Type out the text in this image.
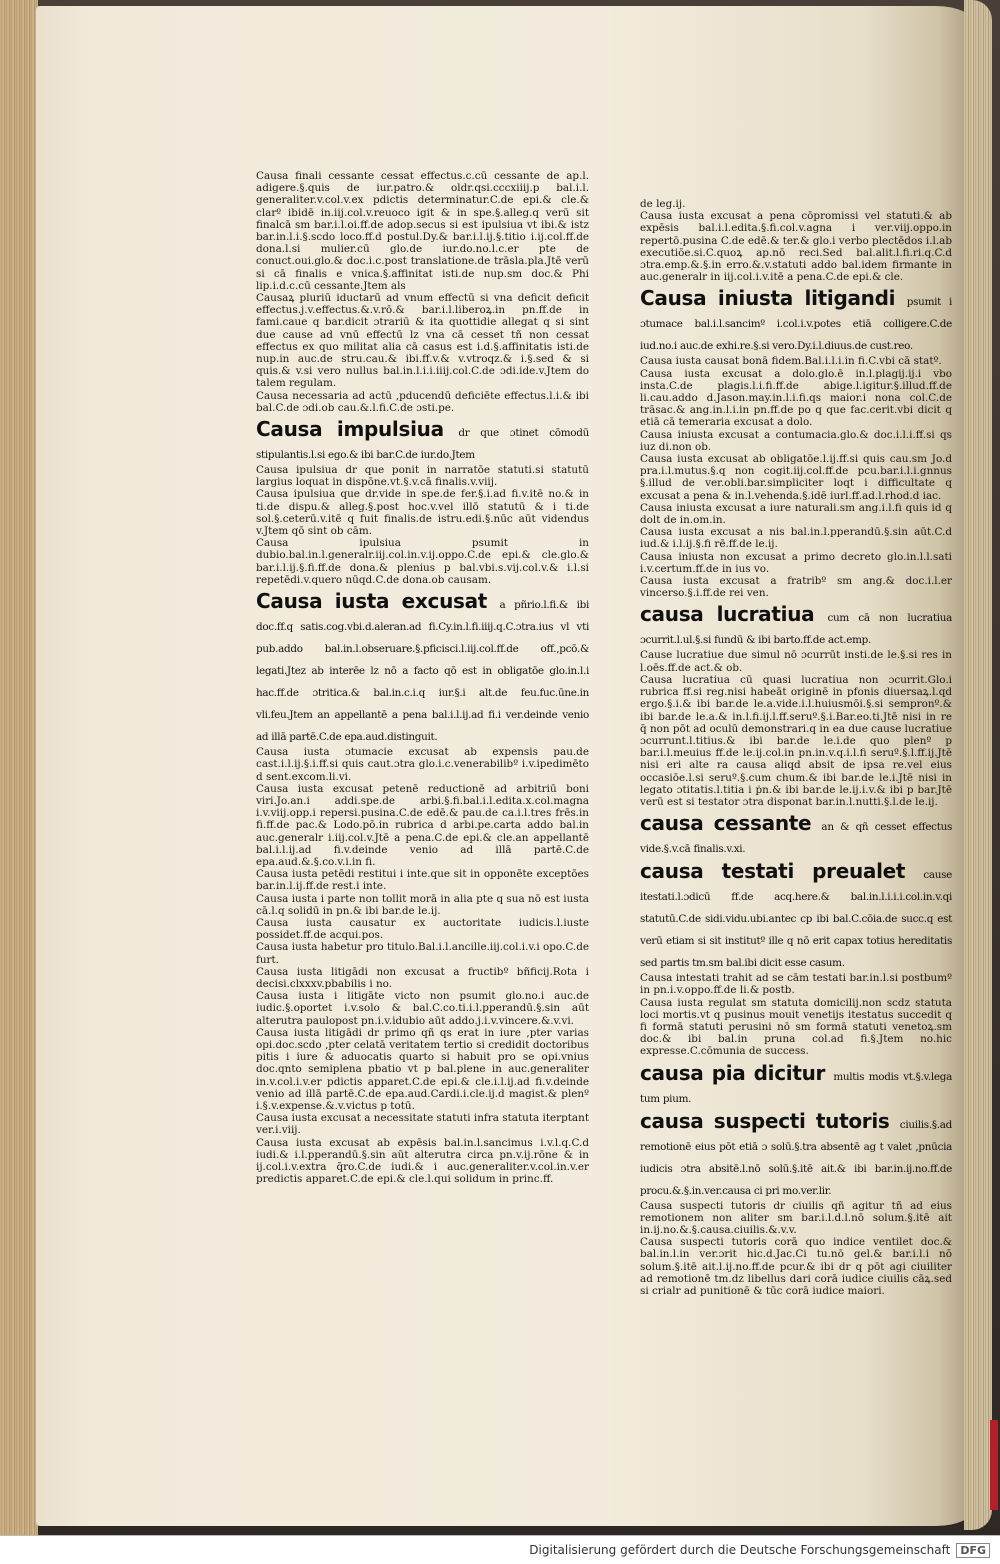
Causa finali cessante cessat effectus.c.cū cessante de ap.l. adigere.§.quis de iur.patro.& oldr.qsi.cccxiiij.p bal.i.l. generaliter.v.col.v.ex pdictis determinatur.C.de epi.& cle.& clarº ibidē in.iij.col.v.reuoco igit & in spe.§.alleg.q verū sit finalcā sm bar.i.l.oi.ff.de adop.secus si est ipulsiua vt ibi.& istz bar.in.l.i.§.scdo loco.ff.d postul.Dy.& bar.i.l.ij.§.titio i.ij.col.ff.de dona.l.si mulier.cū glo.de iur.do.no.l.c.er pte de conuct.oui.glo.& doc.i.c.post translatione.de trāsla.pla.Jtē verū si cā finalis e vnica.§.affinitat isti.de nup.sm doc.& Phi lip.i.d.c.cū cessante.Jtem als
Causaꝝ pluriū iductarū ad vnum effectū si vna deficit deficit effectus.j.v.effectus.&.v.rō.& bar.i.l.liberoꝝ.in pn.ff.de in fami.caue q bar.dicit ɔtrariū & ita quottidie allegat q si sint due cause ad vnū effectū lz vna cā cesset tñ non cessat effectus ex quo militat alia cā casus est i.d.§.affinitatis isti.de nup.in auc.de stru.cau.& ibi.ff.v.& v.vtroqz.& i.§.sed & si quis.& v.si vero nullus bal.in.l.i.i.iiij.col.C.de ɔdi.ide.v.Jtem do talem regulam.
Causa necessaria ad actū ,pducendū deficiēte effectus.l.i.& ibi bal.C.de ɔdi.ob cau.&.l.fi.C.de ɔsti.pe.
Causa impulsiua dr que ɔtinet cōmodū stipulantis.l.si ego.& ibi bar.C.de iur.do.Jtem
Causa ipulsiua dr que ponit in narratōe statuti.si statutū largius loquat in dispōne.vt.§.v.cā finalis.v.viij.
Causa ipulsiua que dr.vide in spe.de fer.§.i.ad fi.v.itē no.& in ti.de dispu.& alleg.§.post hoc.v.vel illō statutū & i ti.de sol.§.ceterū.v.itē q fuit finalis.de istru.edi.§.nūc aūt videndus v.Jtem qō sint ob cām.
Causa ipulsiua psumit in dubio.bal.in.l.generalr.iij.col.in.v.ij.oppo.C.de epi.& cle.glo.& bar.i.l.ij.§.fi.ff.de dona.& plenius p bal.vbi.s.vij.col.v.& i.l.si repetēdi.v.quero nūqd.C.de dona.ob causam.
Causa iusta excusat a pñrio.l.fi.& ibi doc.ff.q satis.cog.vbi.d.aleran.ad fi.Cy.in.l.fi.iiij.q.C.ɔtra.ius vl vti pub.addo bal.in.l.obseruare.§.pficisci.l.iij.col.ff.de off.,pcō.& legati.Jtez ab interēe lz nō a facto qō est in obligatōe glo.in.l.i hac.ff.de ɔtritica.& bal.in.c.i.q iur.§.i alt.de feu.fuc.ūne.in vli.feu.Jtem an appellantē a pena bal.i.l.ij.ad fi.i ver.deinde venio ad illā partē.C.de epa.aud.distinguit.
Causa iusta ɔtumacie excusat ab expensis pau.de cast.i.l.ij.§.i.ff.si quis caut.ɔtra glo.i.c.venerabilibº i.v.ipedimēto d sent.excom.li.vi.
Causa iusta excusat petenē reductionē ad arbitriū boni viri.Jo.an.i addi.spe.de arbi.§.fi.bal.i.l.edita.x.col.magna i.v.viij.opp.i repersi.pusina.C.de edē.& pau.de ca.i.l.tres frēs.in fi.ff.de pac.& Lodo.pō.in rubrica d arbi.pe.carta addo bal.in auc.generalr i.iij.col.v.Jtē a pena.C.de epi.& cle.an appellantē bal.i.l.ij.ad fi.v.deinde venio ad illā partē.C.de epa.aud.&.§.co.v.i.in fi.
Causa iusta petēdi restitui i inte.que sit in opponēte exceptōes bar.in.l.ij.ff.de rest.i inte.
Causa iusta i parte non tollit morā in alia pte q sua nō est iusta cā.l.q solidū in pn.& ibi bar.de le.ij.
Causa iusta causatur ex auctoritate iudicis.l.iuste possidet.ff.de acqui.pos.
Causa iusta habetur pro titulo.Bal.i.l.ancille.iij.col.i.v.i opo.C.de furt.
Causa iusta litigādi non excusat a fructibº bñficij.Rota i decisi.clxxxv.pbabilis i no.
Causa iusta i litigāte victo non psumit glo.no.i auc.de iudic.§.oportet i.v.solo & bal.C.co.ti.i.l.pperandū.§.sin aūt alterutra paulopost pn.i.v.idubio aūt addo.j.i.v.vincere.&.v.vi.
Causa iusta litigādi dr primo qñ qs erat in iure ,pter varias opi.doc.scdo ,pter celatā veritatem tertio si credidit doctoribus pitis i iure & aduocatis quarto si habuit pro se opi.vnius doc.qnto semiplena pbatio vt p bal.plene in auc.generaliter in.v.col.i.v.er pdictis apparet.C.de epi.& cle.i.l.ij.ad fi.v.deinde venio ad illā partē.C.de epa.aud.Cardi.i.cle.ij.d magist.& plenº i.§.v.expense.&.v.victus p totū.
Causa iusta excusat a necessitate statuti infra statuta iterptant ver.i.viij.
Causa iusta excusat ab expēsis bal.in.l.sancimus i.v.l.q.C.d iudi.& i.l.pperandū.§.sin aūt alterutra circa pn.v.ij.rōne & in ij.col.i.v.extra q̄ro.C.de iudi.& i auc.generaliter.v.col.in.v.er predictis apparet.C.de epi.& cle.l.qui solidum in princ.ff.
de leg.ij.
Causa iusta excusat a pena cōpromissi vel statuti.& ab expēsis bal.i.l.edita.§.fi.col.v.agna i ver.viij.oppo.in repertō.pusina C.de edē.& ter.& glo.i verbo plectēdos i.l.ab executiōe.si.C.quoꝝ ap.nō reci.Sed bal.alit.l.fi.ri.q.C.d ɔtra.emp.&.§.in erro.&.v.statuti addo bal.idem firmante in auc.generalr in iij.col.i.v.itē a pena.C.de epi.& cle.
Causa iniusta litigandi psumit i ɔtumace bal.i.l.sancimº i.col.i.v.potes etiā colligere.C.de iud.no.i auc.de exhi.re.§.si vero.Dy.i.l.diuus.de cust.reo.
Causa iusta causat bonā fidem.Bal.i.l.i.in fi.C.vbi cā statº.
Causa iusta excusat a dolo.glo.ē in.l.plagij.ij.i vbo insta.C.de plagis.l.i.fi.ff.de abige.l.igitur.§.illud.ff.de li.cau.addo d.Jason.may.in.l.i.fi.qs maior.i nona col.C.de trāsac.& ang.in.l.i.in pn.ff.de po q que fac.cerit.vbi dicit q etiā cā temeraria excusat a dolo.
Causa iniusta excusat a contumacia.glo.& doc.i.l.i.ff.si qs iuz di.non ob.
Causa iusta excusat ab obligatōe.l.ij.ff.si quis cau.sm Jo.d pra.i.l.mutus.§.q non cogit.iij.col.ff.de pcu.bar.i.l.i.gnnus §.illud de ver.obli.bar.simpliciter loqt i difficultate q excusat a pena & in.l.vehenda.§.idē iurl.ff.ad.l.rhod.d iac.
Causa iniusta excusat a iure naturali.sm ang.i.l.fi quis id q dolt de in.om.in.
Causa iusta excusat a nis bal.in.l.pperandū.§.sin aūt.C.d iud.& i.l.ij.§.fi rē.ff.de le.ij.
Causa iniusta non excusat a primo decreto glo.in.l.l.sati i.v.certum.ff.de in ius vo.
Causa iusta excusat a fratribº sm ang.& doc.i.l.er vincerso.§.i.ff.de rei ven.
causa lucratiua cum cā non lucratiua ɔcurrit.l.ul.§.si fundū & ibi barto.ff.de act.emp.
Cause lucratiue due simul nō ɔcurrūt insti.de le.§.si res in l.oēs.ff.de act.& ob.
Causa lucratiua cū quasi lucratiua non ɔcurrit.Glo.i rubrica ff.si reg.nisi habeāt originē in pfonis diuersaꝝ.l.qd ergo.§.i.& ibi bar.de le.a.vide.i.l.huiusmōi.§.si sempronº.& ibi bar.de le.a.& in.l.fi.ij.l.ff.seruº.§.i.Bar.eo.ti.Jtē nisi in re q̄ non pōt ad oculū demonstrari.q in ea due cause lucratiue ɔcurrunt.l.titius.& ibi bar.de le.i.de quo plenº p bar.i.l.meuius ff.de le.ij.col.in pn.in.v.q.i.l.fi seruº.§.l.ff.ij.Jtē nisi eri alte ra causa aliqd absit de ipsa re.vel eius occasiōe.l.si seruº.§.cum chum.& ibi bar.de le.i.Jtē nisi in legato ɔtitatis.l.titia i ṗn.& ibi bar.de le.ij.i.v.& ibi p bar.Jtē verū est si testator ɔtra disponat bar.in.l.nutti.§.l.de le.ij.
causa cessante an & qñ cesset effectus vide.§.v.cā finalis.v.xi.
causa testati preualet cause itestati.l.ɔdicū ff.de acq.here.& bal.in.l.i.i.i.col.in.v.qi statutū.C.de sidi.vidu.ubi.antec cp ibi bal.C.cōia.de succ.q est verū etiam si sit institutº ille q nō erit capax totius hereditatis sed partis tm.sm bal.ibi dicit esse casum.
Causa intestati trahit ad se cām testati bar.in.l.si postbumº in pn.i.v.oppo.ff.de li.& postb.
Causa iusta regulat sm statuta domicilij.non scdz statuta loci mortis.vt q pusinus mouit venetijs itestatus succedit q fi formā statuti perusini nō sm formā statuti venetoꝝ.sm doc.& ibi bal.in pruna col.ad fi.§.Jtem no.hic expresse.C.cōmunia de success.
causa pia dicitur multis modis vt.§.v.lega tum pium.
causa suspecti tutoris ciuilis.§.ad remotionē eius pōt etiā ɔ solū.§.tra absentē ag t valet ,pnūcia iudicis ɔtra absitē.l.nō solū.§.itē ait.& ibi bar.in.ij.no.ff.de procu.&.§.in.ver.causa ci pri mo.ver.lir.
Causa suspecti tutoris dr ciuilis qñ agitur tñ ad eius remotionem non aliter sm bar.i.l.d.l.nō solum.§.itē ait in.ij.no.&.§.causa.ciuilis.&.v.v.
Causa suspecti tutoris corā quo indice ventilet doc.& bal.in.l.in ver.ɔrit hic.d.Jac.Ci tu.nō gel.& bar.i.l.i nō solum.§.itē ait.l.ij.no.ff.de pcur.& ibi dr q pōt agi ciuiliter ad remotionē tm.dz libellus dari corā iudice ciuilis cāꝝ.sed si crialr ad punitionē & tūc corā iudice maiori.
Digitalisierung gefördert durch die Deutsche Forschungsgemeinschaft DFG
